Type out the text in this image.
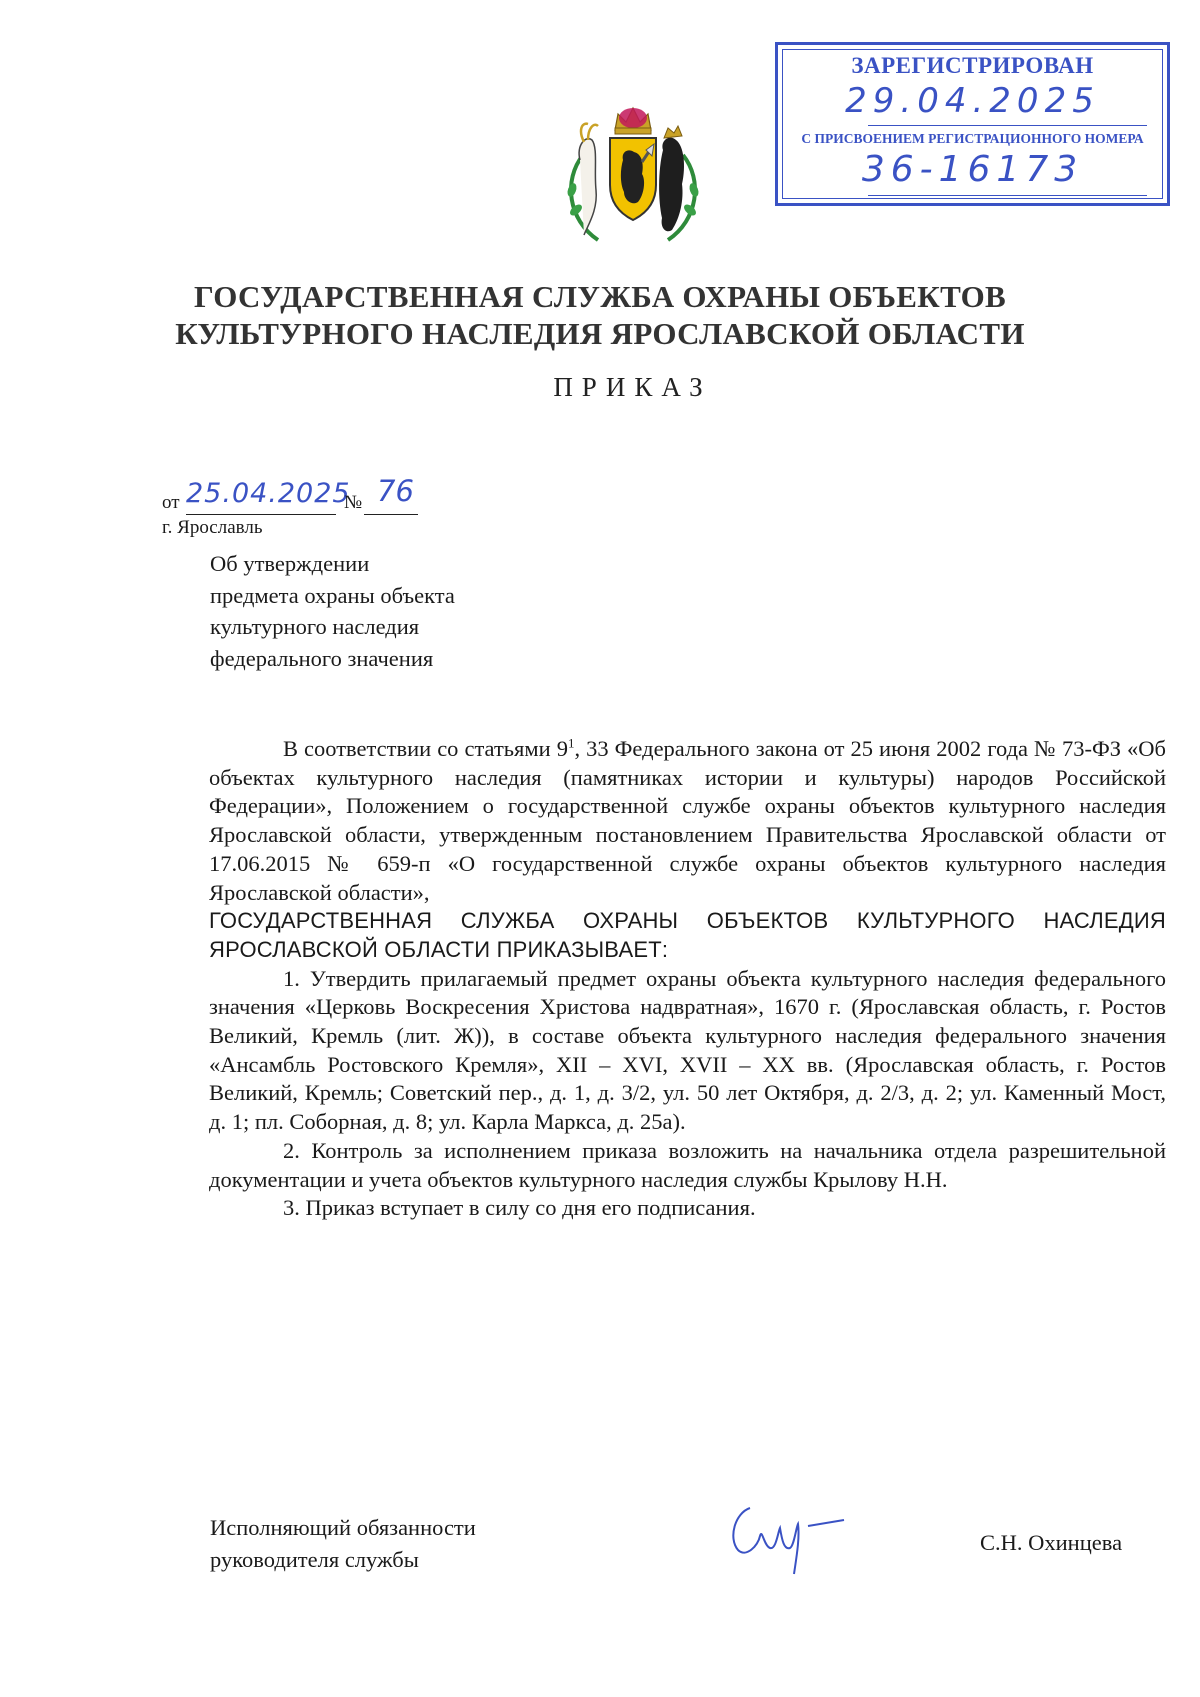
ЗАРЕГИСТРИРОВАН
29.04.2025
С ПРИСВОЕНИЕМ РЕГИСТРАЦИОННОГО НОМЕРА
36-16173
ГОСУДАРСТВЕННАЯ СЛУЖБА ОХРАНЫ ОБЪЕКТОВ
КУЛЬТУРНОГО НАСЛЕДИЯ ЯРОСЛАВСКОЙ ОБЛАСТИ
ПРИКАЗ
от 25.04.2025
№ 76
г. Ярославль
Об утверждении
предмета охраны объекта
культурного наследия
федерального значения

В соответствии со статьями $9^1$, 33 Федерального закона от 25 июня 2002 года № 73-ФЗ «Об объектах культурного наследия (памятниках истории и культуры) народов Российской Федерации», Положением о государственной службе охраны объектов культурного наследия Ярославской области, утвержденным постановлением Правительства Ярославской области от 17.06.2015 № 659-п «О государственной службе охраны объектов культурного наследия Ярославской области»,

ГОСУДАРСТВЕННАЯ СЛУЖБА ОХРАНЫ ОБЪЕКТОВ КУЛЬТУРНОГО НАСЛЕДИЯ ЯРОСЛАВСКОЙ ОБЛАСТИ ПРИКАЗЫВАЕТ:

1. Утвердить прилагаемый предмет охраны объекта культурного наследия федерального значения «Церковь Воскресения Христова надвратная», 1670 г. (Ярославская область, г. Ростов Великий, Кремль (лит. Ж)), в составе объекта культурного наследия федерального значения «Ансамбль Ростовского Кремля», XII – XVI, XVII – XX вв. (Ярославская область, г. Ростов Великий, Кремль; Советский пер., д. 1, д. 3/2, ул. 50 лет Октября, д. 2/3, д. 2; ул. Каменный Мост, д. 1; пл. Соборная, д. 8; ул. Карла Маркса, д. 25а).

2. Контроль за исполнением приказа возложить на начальника отдела разрешительной документации и учета объектов культурного наследия службы Крылову Н.Н.

3. Приказ вступает в силу со дня его подписания.

Исполняющий обязанности
руководителя службы
С.Н. Охинцева
